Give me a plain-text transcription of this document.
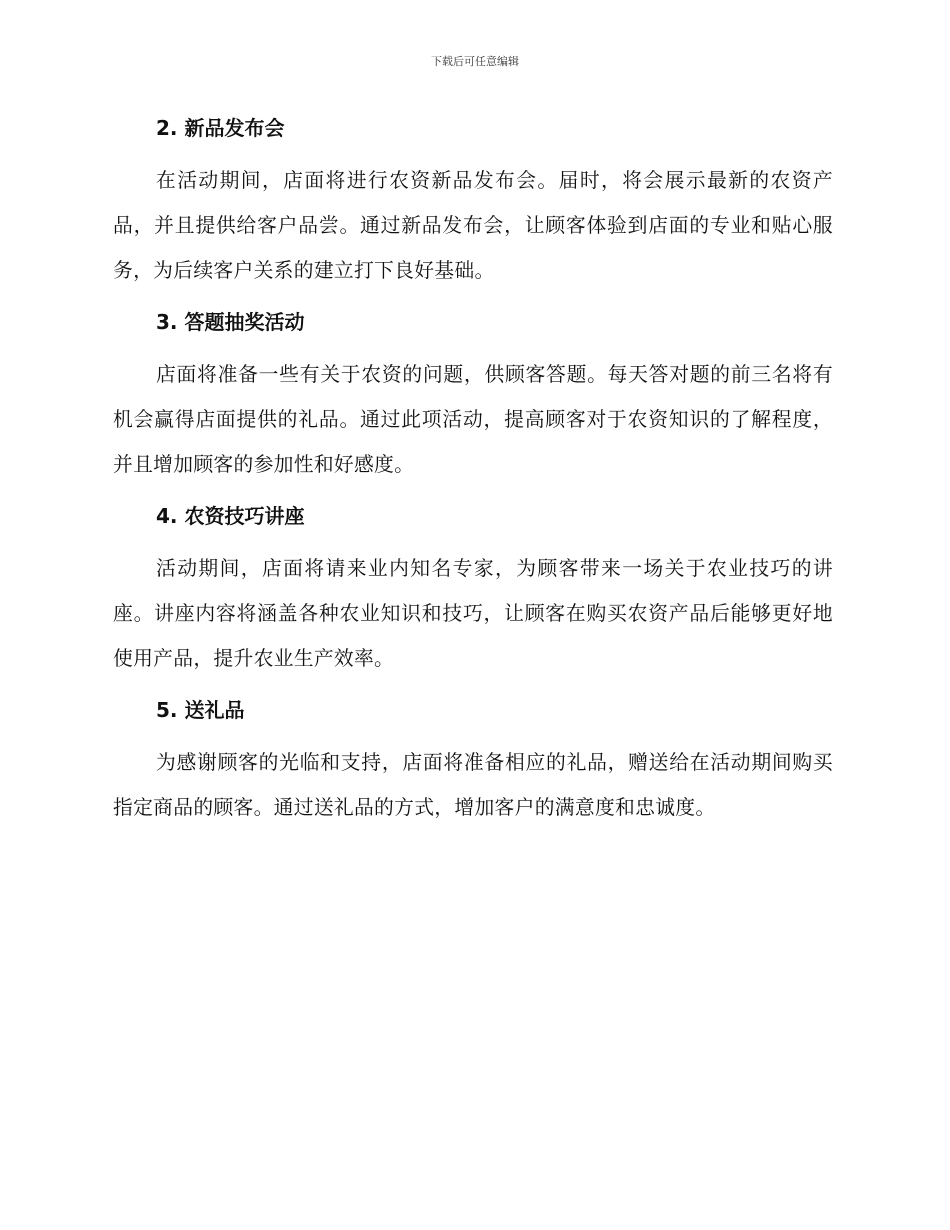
下载后可任意编辑
2. 新品发布会

在活动期间，店面将进行农资新品发布会。届时，将会展示最新的农资产品，并且提供给客户品尝。通过新品发布会，让顾客体验到店面的专业和贴心服务，为后续客户关系的建立打下良好基础。

3. 答题抽奖活动

店面将准备一些有关于农资的问题，供顾客答题。每天答对题的前三名将有机会赢得店面提供的礼品。通过此项活动，提高顾客对于农资知识的了解程度，并且增加顾客的参加性和好感度。

4. 农资技巧讲座

活动期间，店面将请来业内知名专家，为顾客带来一场关于农业技巧的讲座。讲座内容将涵盖各种农业知识和技巧，让顾客在购买农资产品后能够更好地使用产品，提升农业生产效率。

5. 送礼品

为感谢顾客的光临和支持，店面将准备相应的礼品，赠送给在活动期间购买指定商品的顾客。通过送礼品的方式，增加客户的满意度和忠诚度。
